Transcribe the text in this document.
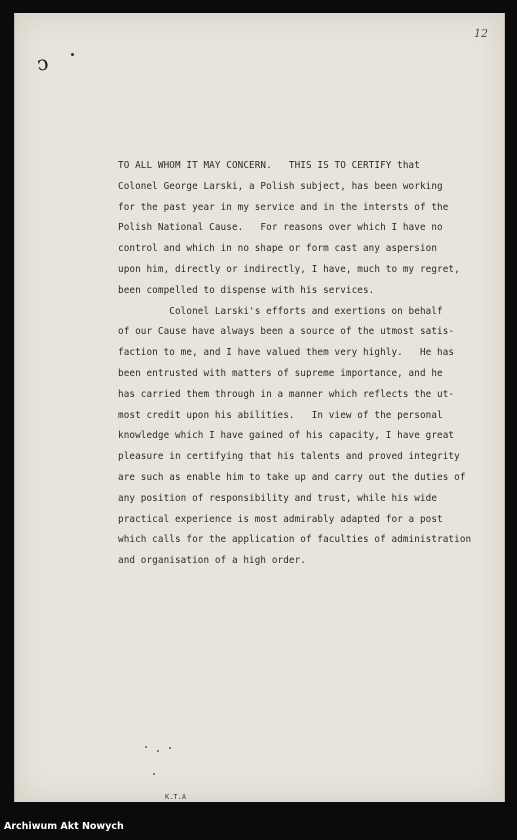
12
ↄ
TO ALL WHOM IT MAY CONCERN.   THIS IS TO CERTIFY that
Colonel George Larski, a Polish subject, has been working
for the past year in my service and in the intersts of the
Polish National Cause.   For reasons over which I have no
control and which in no shape or form cast any aspersion
upon him, directly or indirectly, I have, much to my regret,
been compelled to dispense with his services.
Colonel Larski's efforts and exertions on behalf
of our Cause have always been a source of the utmost satis-
faction to me, and I have valued them very highly.   He has
been entrusted with matters of supreme importance, and he
has carried them through in a manner which reflects the ut-
most credit upon his abilities.   In view of the personal
knowledge which I have gained of his capacity, I have great
pleasure in certifying that his talents and proved integrity
are such as enable him to take up and carry out the duties of
any position of responsibility and trust, while his wide
practical experience is most admirably adapted for a post
which calls for the application of faculties of administration
and organisation of a high order.
K.T.A
Archiwum Akt Nowych
